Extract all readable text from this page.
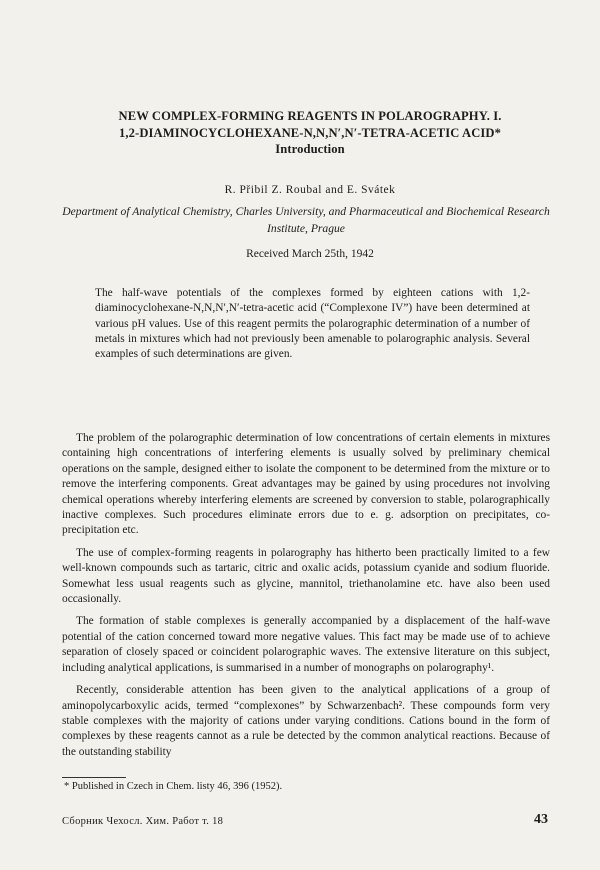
NEW COMPLEX-FORMING REAGENTS IN POLAROGRAPHY. I.
1,2-DIAMINOCYCLOHEXANE-N,N,N′,N′-TETRA-ACETIC ACID*
Introduction
R. Přibil Z. Roubal and E. Svátek
Department of Analytical Chemistry, Charles University, and Pharmaceutical and Biochemical Research Institute, Prague
Received March 25th, 1942
The half-wave potentials of the complexes formed by eighteen cations with 1,2-diaminocyclohexane-N,N,N′,N′-tetra-acetic acid (“Complexone IV”) have been determined at various pH values. Use of this reagent permits the polarographic determination of a number of metals in mixtures which had not previously been amenable to polarographic analysis. Several examples of such determinations are given.

The problem of the polarographic determination of low concentrations of certain elements in mixtures containing high concentrations of interfering elements is usually solved by preliminary chemical operations on the sample, designed either to isolate the component to be determined from the mixture or to remove the interfering components. Great advantages may be gained by using procedures not involving chemical operations whereby interfering elements are screened by conversion to stable, polarographically inactive complexes. Such procedures eliminate errors due to e. g. adsorption on precipitates, co-precipitation etc.

The use of complex-forming reagents in polarography has hitherto been practically limited to a few well-known compounds such as tartaric, citric and oxalic acids, potassium cyanide and sodium fluoride. Somewhat less usual reagents such as glycine, mannitol, triethanolamine etc. have also been used occasionally.

The formation of stable complexes is generally accompanied by a displacement of the half-wave potential of the cation concerned toward more negative values. This fact may be made use of to achieve separation of closely spaced or coincident polarographic waves. The extensive literature on this subject, including analytical applications, is summarised in a number of monographs on polarography¹.

Recently, considerable attention has been given to the analytical applications of a group of aminopolycarboxylic acids, termed “complexones” by Schwarzenbach². These compounds form very stable complexes with the majority of cations under varying conditions. Cations bound in the form of complexes by these reagents cannot as a rule be detected by the common analytical reactions. Because of the outstanding stability

* Published in Czech in Chem. listy 46, 396 (1952).
Сборник Чехосл. Хим. Работ т. 18	43
